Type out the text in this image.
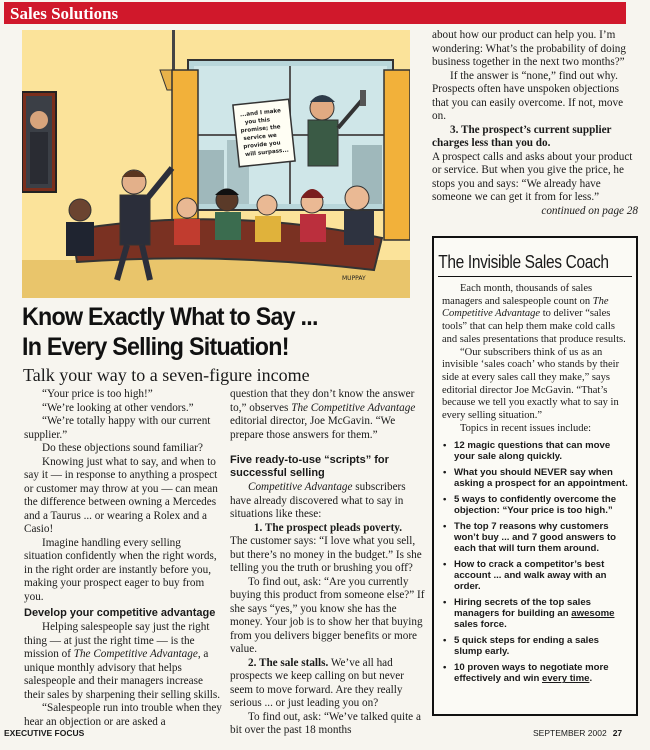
Sales Solutions
...and I make
you this
promise; the
service we
provide you
will surpass...
MUPPAY
Know Exactly What to Say ...
In Every Selling Situation!
Talk your way to a seven-figure income

“Your price is too high!”

“We’re looking at other vendors.”

“We’re totally happy with our current supplier.”

Do these objections sound familiar?

Knowing just what to say, and when to say it — in response to anything a prospect or customer may throw at you — can mean the difference between owning a Mercedes and a Taurus ... or wearing a Rolex and a Casio!

Imagine handling every selling situation confidently when the right words, in the right order are instantly before you, making your prospect eager to buy from you.

Develop your competitive advantage

Helping salespeople say just the right thing — at just the right time — is the mission of The Competitive Advantage, a unique monthly advisory that helps salespeople and their managers increase their sales by sharpening their selling skills.

“Salespeople run into trouble when they hear an objection or are asked a

question that they don’t know the answer to,” observes The Competitive Advantage editorial director, Joe McGavin. “We prepare those answers for them.”

Five ready-to-use “scripts” for successful selling

Competitive Advantage subscribers have already discovered what to say in situations like these:

1. The prospect pleads poverty.

The customer says: “I love what you sell, but there’s no money in the budget.” Is she telling you the truth or brushing you off?

To find out, ask: “Are you currently buying this product from someone else?” If she says “yes,” you know she has the money. Your job is to show her that buying from you delivers bigger benefits or more value.

2. The sale stalls. We’ve all had prospects we keep calling on but never seem to move forward. Are they really serious ... or just leading you on?

To find out, ask: “We’ve talked quite a bit over the past 18 months

about how our product can help you. I’m wondering: What’s the probability of doing business together in the next two months?”

If the answer is “none,” find out why. Prospects often have unspoken objections that you can easily overcome. If not, move on.

3. The prospect’s current supplier charges less than you do.

A prospect calls and asks about your product or service. But when you give the price, he stops you and says: “We already have someone we can get it from for less.”

continued on page 28

The Invisible Sales Coach

Each month, thousands of sales managers and salespeople count on The Competitive Advantage to deliver “sales tools” that can help them make cold calls and sales presentations that produce results.

“Our subscribers think of us as an invisible ‘sales coach’ who stands by their side at every sales call they make,” says editorial director Joe McGavin. “That’s because we tell you exactly what to say in every selling situation.”

Topics in recent issues include:

• 12 magic questions that can move your sale along quickly.
• What you should NEVER say when asking a prospect for an appointment.
• 5 ways to confidently overcome the objection: “Your price is too high.”
• The top 7 reasons why customers won’t buy ... and 7 good answers to each that will turn them around.
• How to crack a competitor’s best account ... and walk away with an order.
• Hiring secrets of the top sales managers for building an awesome sales force.
• 5 quick steps for ending a sales slump early.
• 10 proven ways to negotiate more effectively and win every time.
EXECUTIVE FOCUS	SEPTEMBER 2002 27
